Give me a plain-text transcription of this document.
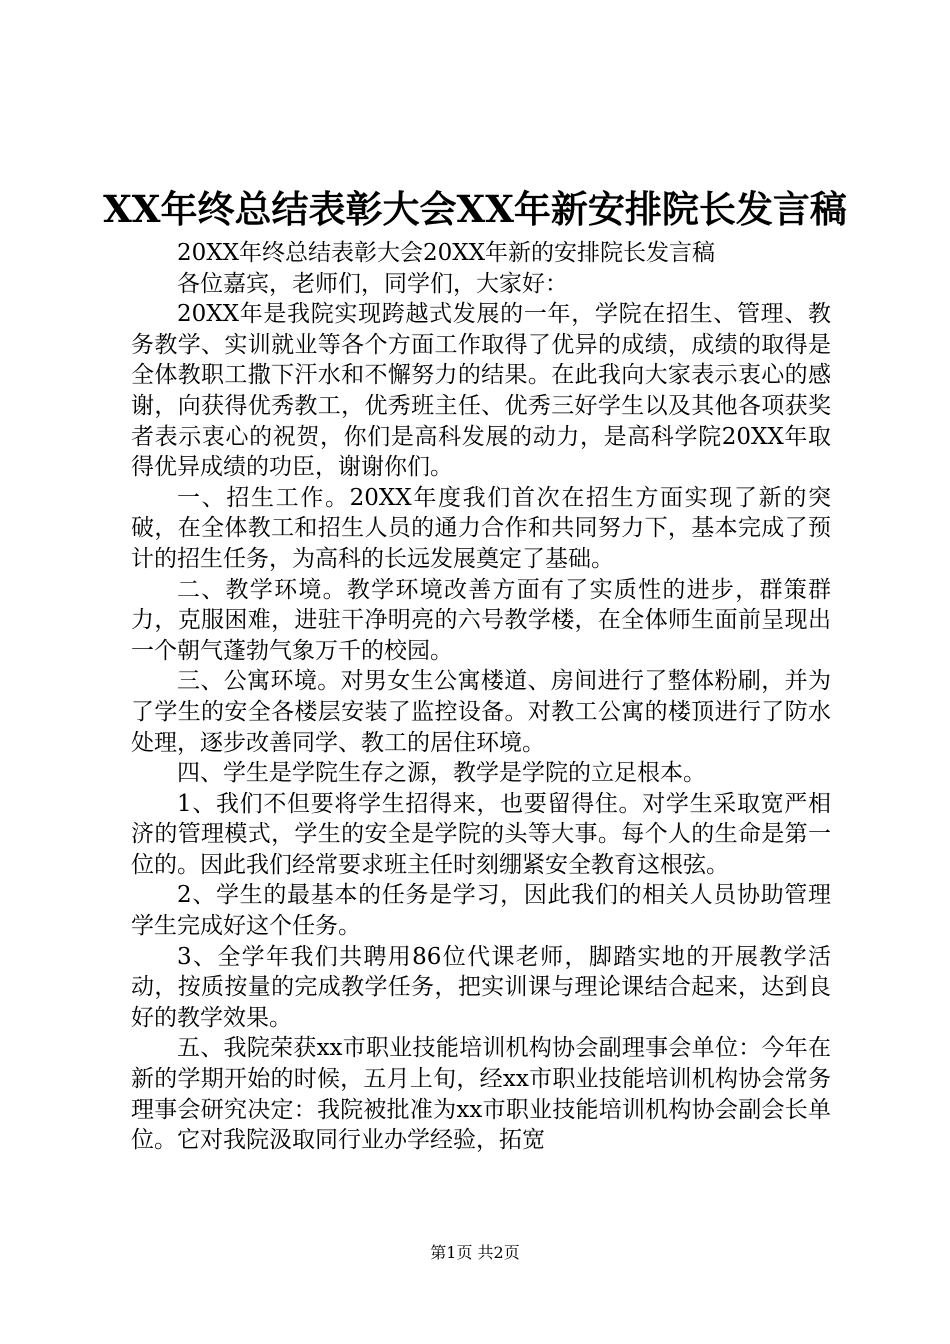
XX年终总结表彰大会XX年新安排院长发言稿

20XX年终总结表彰大会20XX年新的安排院长发言稿

各位嘉宾，老师们，同学们，大家好：

20XX年是我院实现跨越式发展的一年，学院在招生、管理、教务教学、实训就业等各个方面工作取得了优异的成绩，成绩的取得是全体教职工撒下汗水和不懈努力的结果。在此我向大家表示衷心的感谢，向获得优秀教工，优秀班主任、优秀三好学生以及其他各项获奖者表示衷心的祝贺，你们是高科发展的动力，是高科学院20XX年取得优异成绩的功臣，谢谢你们。

一、招生工作。20XX年度我们首次在招生方面实现了新的突破，在全体教工和招生人员的通力合作和共同努力下，基本完成了预计的招生任务，为高科的长远发展奠定了基础。

二、教学环境。教学环境改善方面有了实质性的进步，群策群力，克服困难，进驻干净明亮的六号教学楼，在全体师生面前呈现出一个朝气蓬勃气象万千的校园。

三、公寓环境。对男女生公寓楼道、房间进行了整体粉刷，并为了学生的安全各楼层安装了监控设备。对教工公寓的楼顶进行了防水处理，逐步改善同学、教工的居住环境。

四、学生是学院生存之源，教学是学院的立足根本。

1、我们不但要将学生招得来，也要留得住。对学生采取宽严相济的管理模式，学生的安全是学院的头等大事。每个人的生命是第一位的。因此我们经常要求班主任时刻绷紧安全教育这根弦。

2、学生的最基本的任务是学习，因此我们的相关人员协助管理学生完成好这个任务。

3、全学年我们共聘用86位代课老师，脚踏实地的开展教学活动，按质按量的完成教学任务，把实训课与理论课结合起来，达到良好的教学效果。

五、我院荣获xx市职业技能培训机构协会副理事会单位：今年在新的学期开始的时候，五月上旬，经xx市职业技能培训机构协会常务理事会研究决定：我院被批准为xx市职业技能培训机构协会副会长单位。它对我院汲取同行业办学经验，拓宽

第1页 共2页
